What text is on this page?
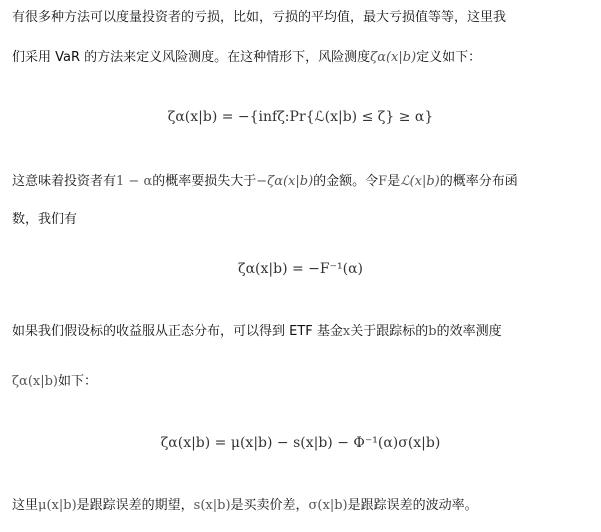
有很多种方法可以度量投资者的亏损，比如，亏损的平均值，最大亏损值等等，这里我
们采用 VaR 的方法来定义风险测度。在这种情形下，风险测度ζα(x|b)定义如下：
ζα(x|b) = −{infζ:Pr{ℒ(x|b) ≤ ζ} ≥ α}
这意味着投资者有1 − α的概率要损失大于−ζα(x|b)的金额。令F是ℒ(x|b)的概率分布函
数，我们有
ζα(x|b) = −F⁻¹(α)
如果我们假设标的收益服从正态分布，可以得到 ETF 基金x关于跟踪标的b的效率测度
ζα(x|b)如下：
ζα(x|b) = μ(x|b) − s(x|b) − Φ⁻¹(α)σ(x|b)
这里μ(x|b)是跟踪误差的期望，s(x|b)是买卖价差，σ(x|b)是跟踪误差的波动率。
